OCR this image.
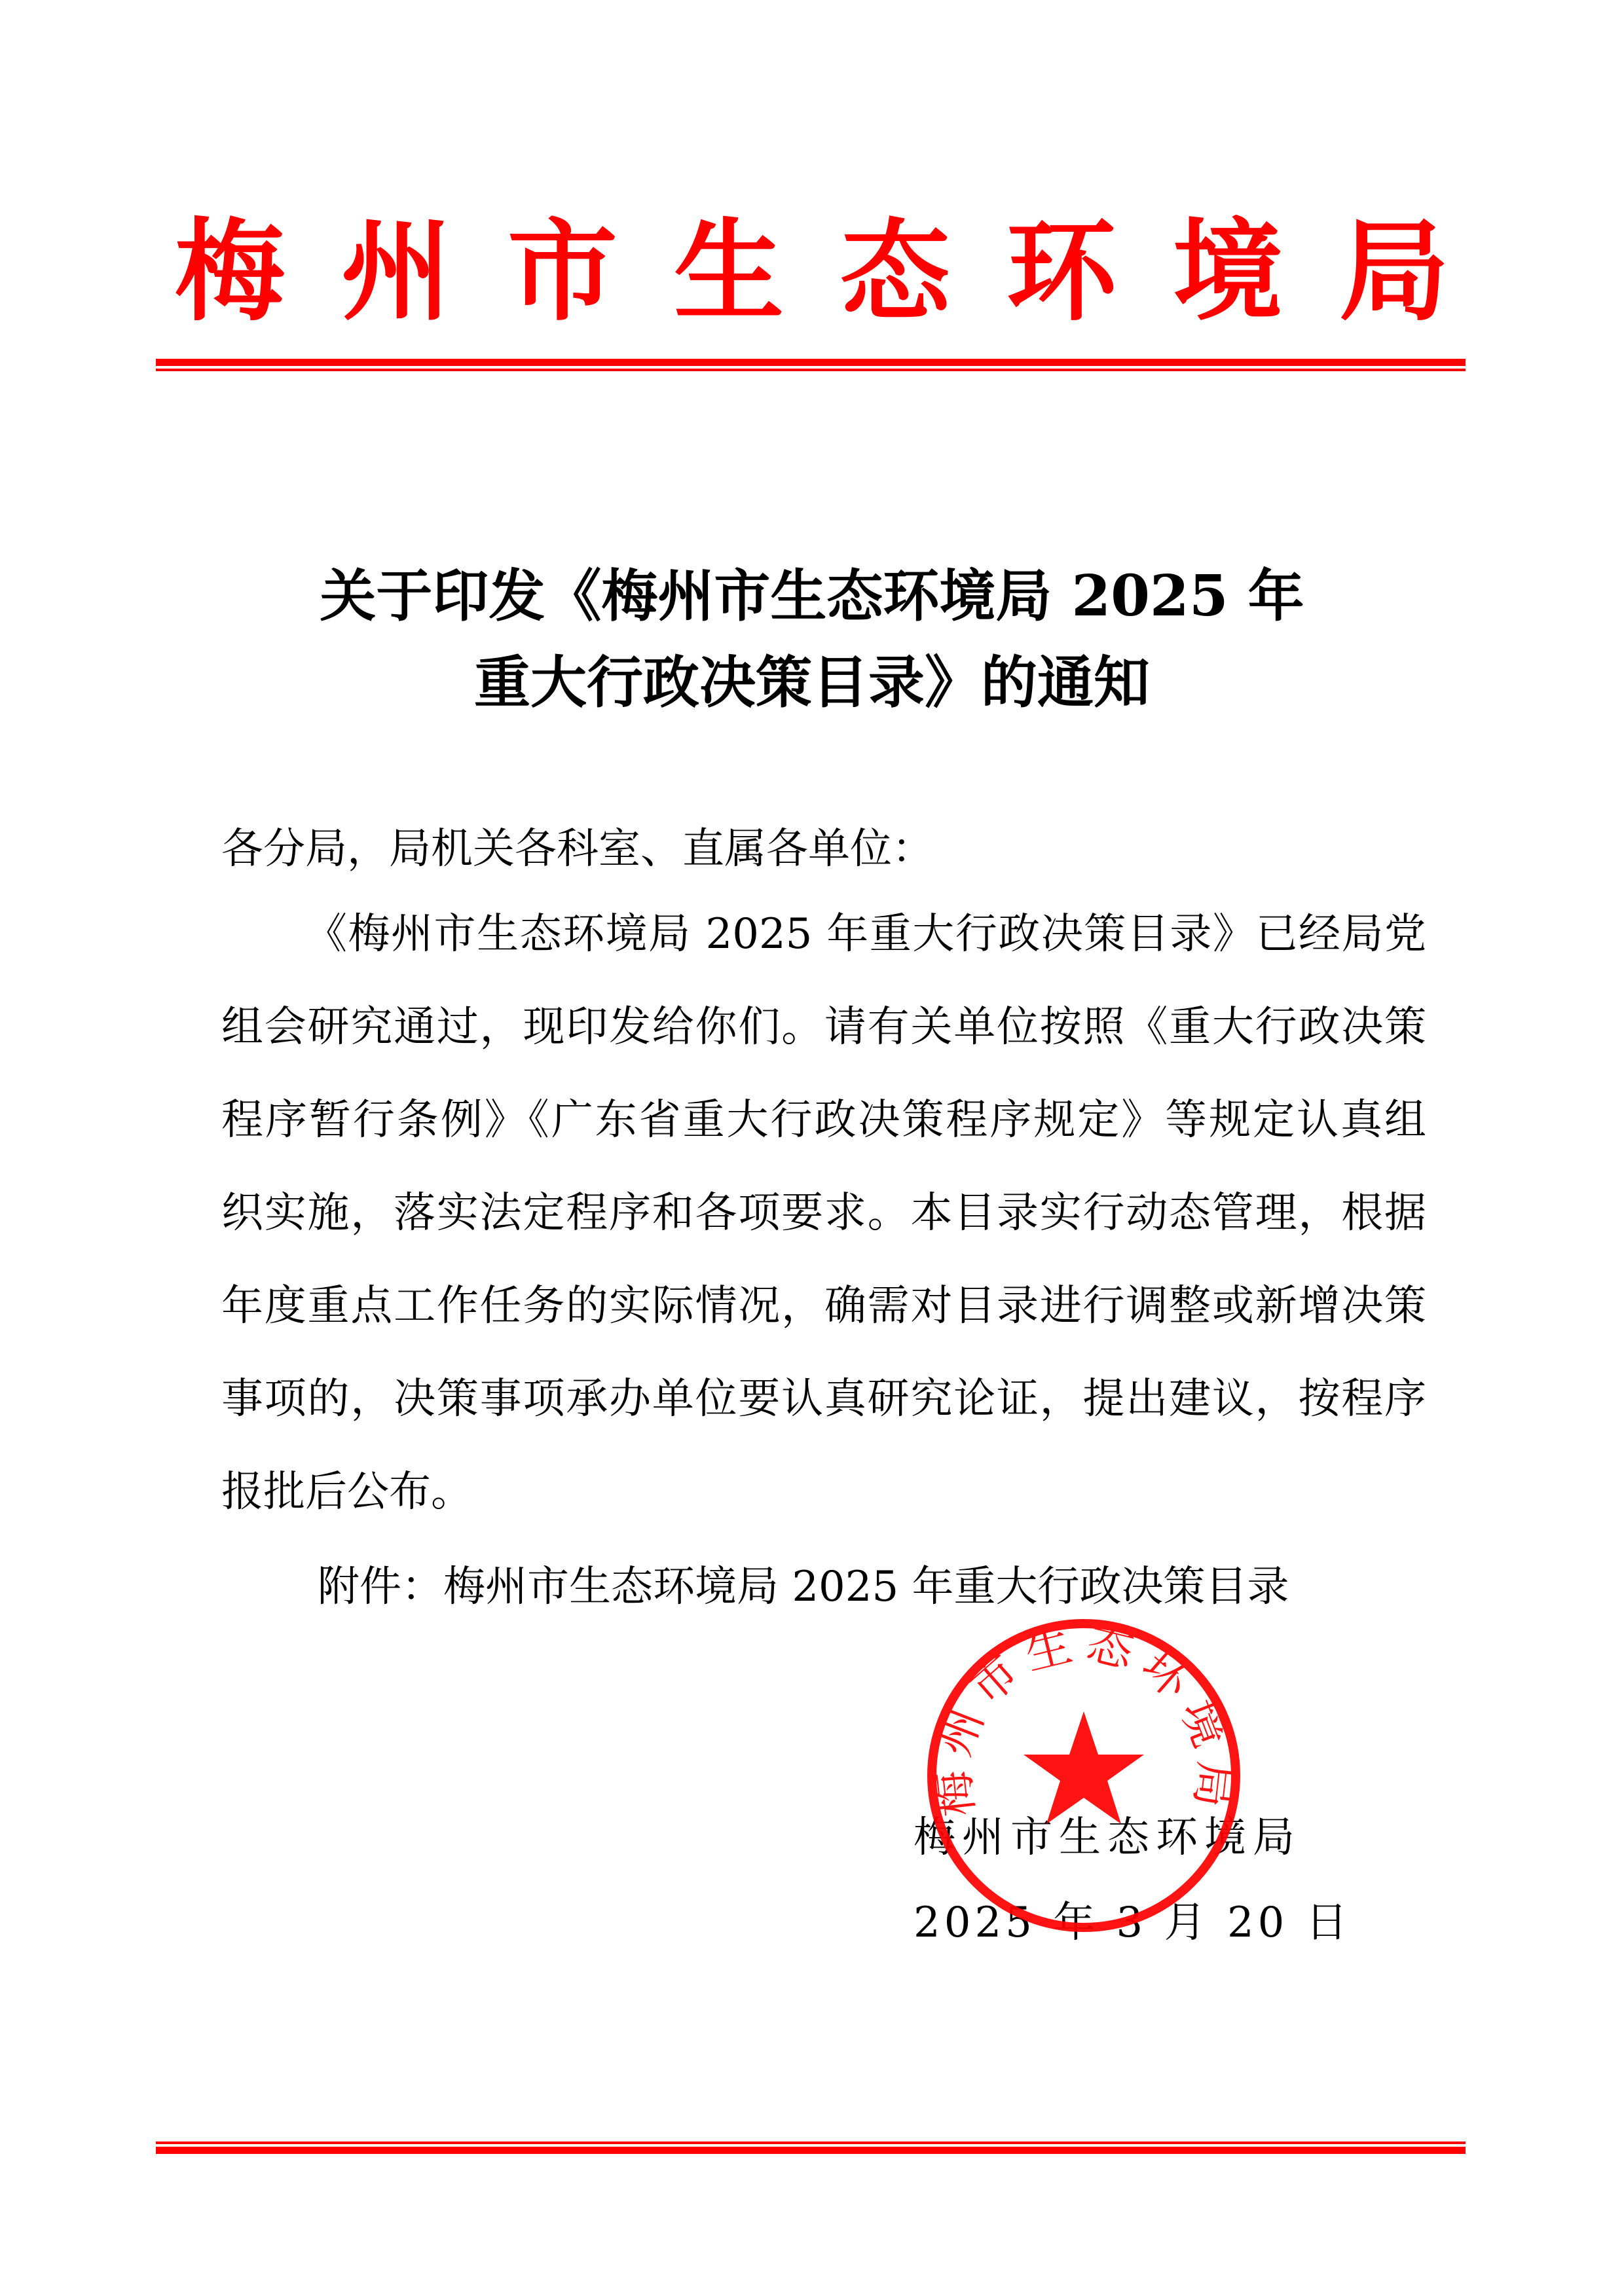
梅州市生态环境局
关于印发《梅州市生态环境局 2025 年
重大行政决策目录》的通知
各分局，局机关各科室、直属各单位：
《梅州市生态环境局 2025 年重大行政决策目录》已经局党
组会研究通过，现印发给你们。请有关单位按照《重大行政决策
程序暂行条例》《广东省重大行政决策程序规定》等规定认真组
织实施，落实法定程序和各项要求。本目录实行动态管理，根据
年度重点工作任务的实际情况，确需对目录进行调整或新增决策
事项的，决策事项承办单位要认真研究论证，提出建议，按程序
报批后公布。
附件：梅州市生态环境局 2025 年重大行政决策目录
梅州市生态环境局
2025 年 3 月 20 日
梅州市生态环境局
